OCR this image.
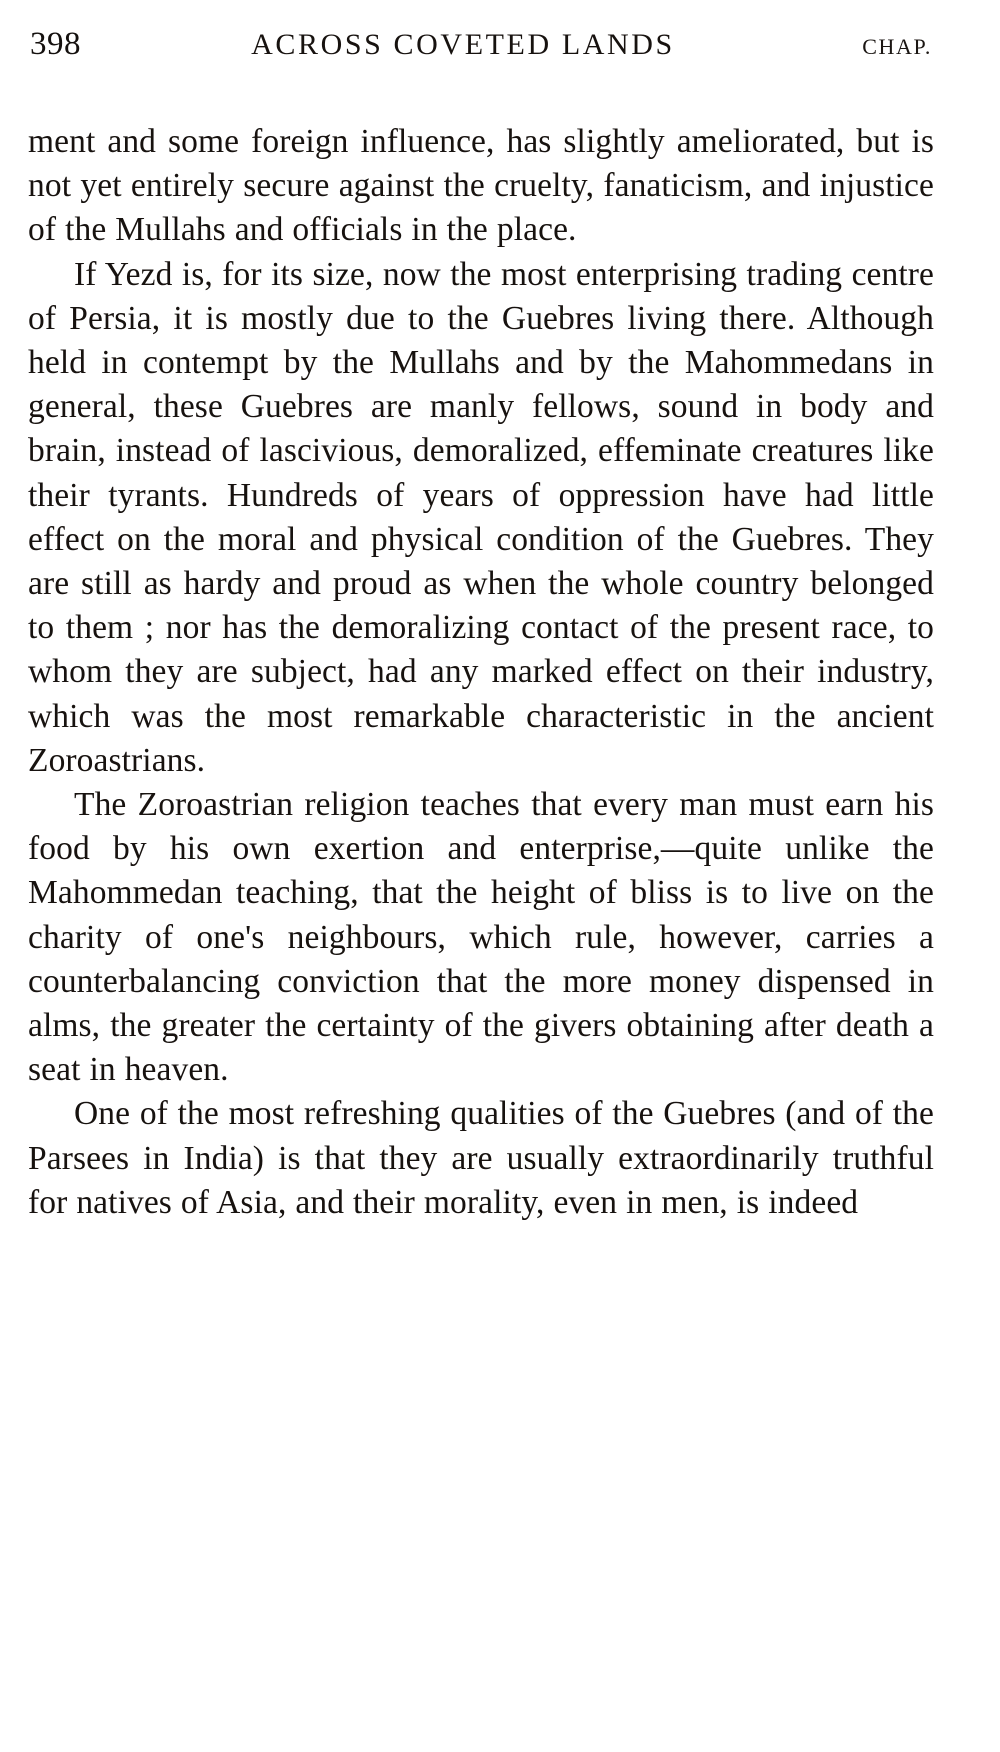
398	ACROSS COVETED LANDS	CHAP.

ment and some foreign influence, has slightly ameliorated, but is not yet entirely secure against the cruelty, fanaticism, and injustice of the Mullahs and officials in the place.

If Yezd is, for its size, now the most enterprising trading centre of Persia, it is mostly due to the Guebres living there. Although held in contempt by the Mullahs and by the Mahommedans in general, these Guebres are manly fellows, sound in body and brain, instead of lascivious, demoralized, effeminate creatures like their tyrants. Hundreds of years of oppression have had little effect on the moral and physical condition of the Guebres. They are still as hardy and proud as when the whole country belonged to them ; nor has the demoralizing contact of the present race, to whom they are subject, had any marked effect on their industry, which was the most remarkable characteristic in the ancient Zoroastrians.

The Zoroastrian religion teaches that every man must earn his food by his own exertion and enterprise,—quite unlike the Mahommedan teaching, that the height of bliss is to live on the charity of one's neighbours, which rule, however, carries a counterbalancing conviction that the more money dispensed in alms, the greater the certainty of the givers obtaining after death a seat in heaven.

One of the most refreshing qualities of the Guebres (and of the Parsees in India) is that they are usually extraordinarily truthful for natives of Asia, and their morality, even in men, is indeed
